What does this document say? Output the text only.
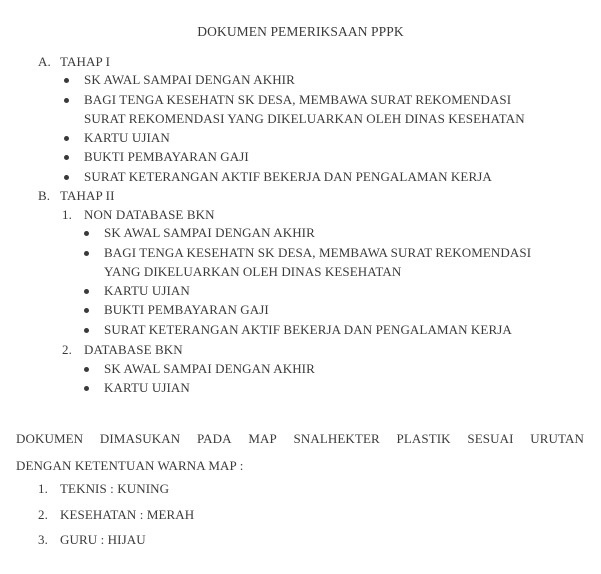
DOKUMEN PEMERIKSAAN PPPK
A. TAHAP I
SK AWAL SAMPAI DENGAN AKHIR
BAGI TENGA KESEHATN SK DESA, MEMBAWA SURAT REKOMENDASI
SURAT REKOMENDASI YANG DIKELUARKAN OLEH DINAS KESEHATAN
KARTU UJIAN
BUKTI PEMBAYARAN GAJI
SURAT KETERANGAN AKTIF BEKERJA DAN PENGALAMAN KERJA
B. TAHAP II
1. NON DATABASE BKN
SK AWAL SAMPAI DENGAN AKHIR
BAGI TENGA KESEHATN SK DESA, MEMBAWA SURAT REKOMENDASI
YANG DIKELUARKAN OLEH DINAS KESEHATAN
KARTU UJIAN
BUKTI PEMBAYARAN GAJI
SURAT KETERANGAN AKTIF BEKERJA DAN PENGALAMAN KERJA
2. DATABASE BKN
SK AWAL SAMPAI DENGAN AKHIR
KARTU UJIAN
DOKUMEN DIMASUKAN PADA MAP SNALHEKTER PLASTIK SESUAI URUTAN
DENGAN KETENTUAN WARNA MAP :
1. TEKNIS : KUNING
2. KESEHATAN : MERAH
3. GURU : HIJAU
